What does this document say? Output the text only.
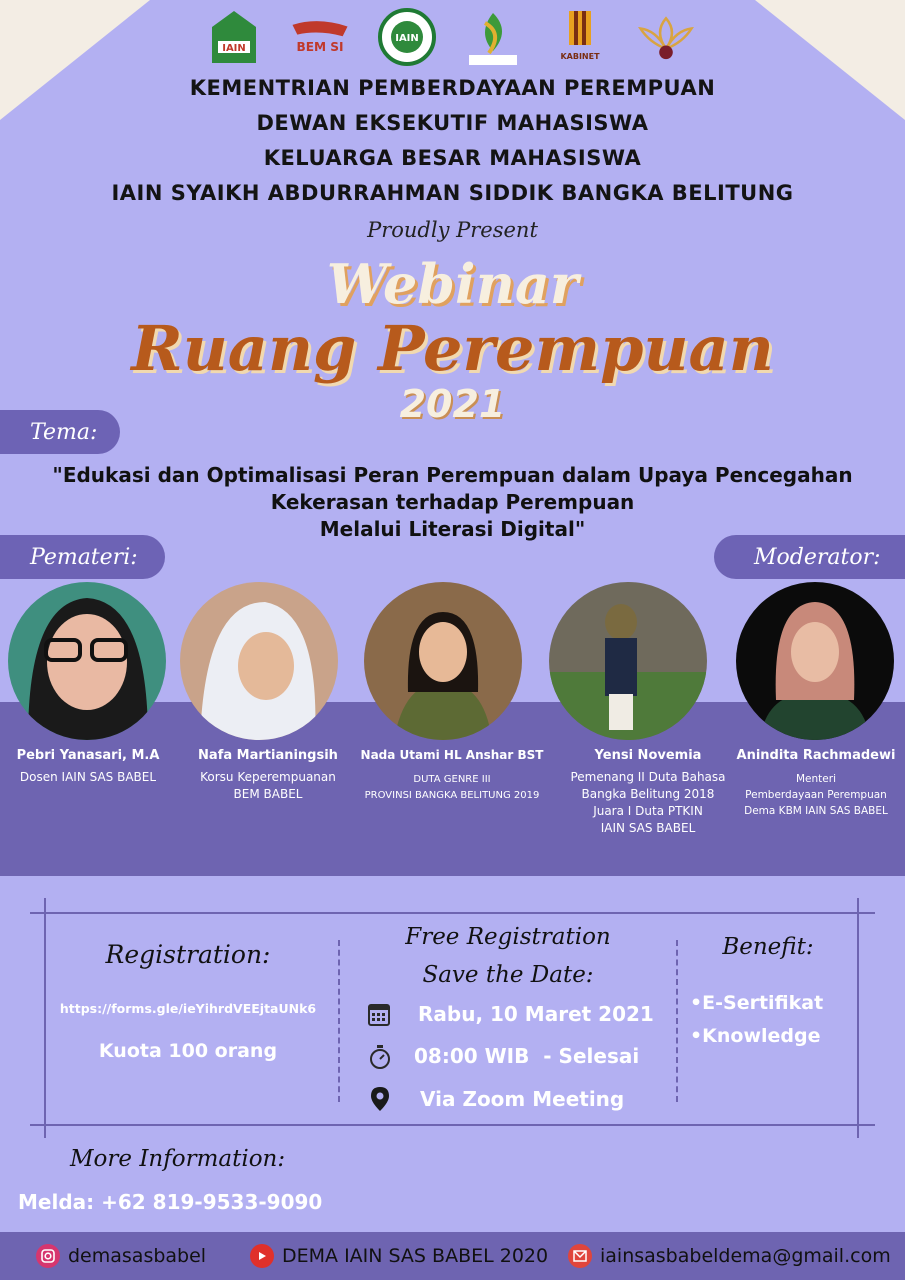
IAIN	BEM SI
IAIN
KABINET
KEMENTRIAN PEMBERDAYAAN PEREMPUAN
DEWAN EKSEKUTIF MAHASISWA
KELUARGA BESAR MAHASISWA
IAIN SYAIKH ABDURRAHMAN SIDDIK BANGKA BELITUNG
Proudly Present
Webinar
Ruang Perempuan
2021
Tema:
"Edukasi dan Optimalisasi Peran Perempuan dalam Upaya Pencegahan
Kekerasan terhadap Perempuan
Melalui Literasi Digital"
Pemateri:	Moderator:
Pebri Yanasari, M.A
Dosen IAIN SAS BABEL
Nafa Martianingsih
Korsu Keperempuanan
BEM BABEL
Nada Utami HL Anshar BST
DUTA GENRE III
PROVINSI BANGKA BELITUNG 2019
Yensi Novemia
Pemenang II Duta Bahasa
Bangka Belitung 2018
Juara I Duta PTKIN
IAIN SAS BABEL
Anindita Rachmadewi
Menteri
Pemberdayaan Perempuan
Dema KBM IAIN SAS BABEL
Registration:
https://forms.gle/ieYihrdVEEjtaUNk6
Kuota 100 orang
Free Registration
Save the Date:
Rabu, 10 Maret 2021
08:00 WIB  - Selesai
Via Zoom Meeting
Benefit:
•E-Sertifikat
•Knowledge
More Information:
Melda: +62 819-9533-9090
demasasbabel	DEMA IAIN SAS BABEL 2020	iainsasbabeldema@gmail.com
